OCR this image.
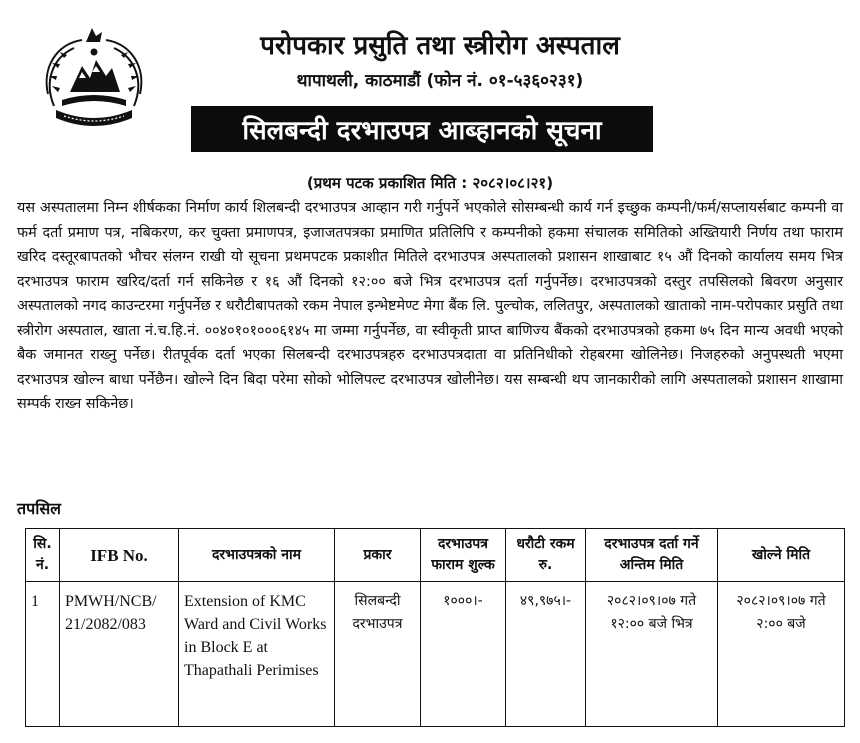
परोपकार प्रसुति तथा स्त्रीरोग अस्पताल
थापाथली, काठमाडौं (फोन नं. ०१-५३६०२३१)
सिलबन्दी दरभाउपत्र आब्हानको सूचना
(प्रथम पटक प्रकाशित मिति : २०८२।०८।२१)
यस अस्पतालमा निम्न शीर्षकका निर्माण कार्य शिलबन्दी दरभाउपत्र आव्हान गरी गर्नुपर्ने भएकोले सोसम्बन्धी कार्य गर्न इच्छुक कम्पनी/फर्म/सप्लायर्सबाट कम्पनी वा फर्म दर्ता प्रमाण पत्र, नबिकरण, कर चुक्ता प्रमाणपत्र, इजाजतपत्रका प्रमाणित प्रतिलिपि र कम्पनीको हकमा संचालक समितिको अख्तियारी निर्णय तथा फाराम खरिद दस्तूरबापतको भौचर संलग्न राखी यो सूचना प्रथमपटक प्रकाशीत मितिले दरभाउपत्र अस्पतालको प्रशासन शाखाबाट १५ औं दिनको कार्यालय समय भित्र दरभाउपत्र फाराम खरिद/दर्ता गर्न सकिनेछ र १६ औं दिनको १२:०० बजे भित्र दरभाउपत्र दर्ता गर्नुपर्नेछ। दरभाउपत्रको दस्तुर तपसिलको बिवरण अनुसार अस्पतालको नगद काउन्टरमा गर्नुपर्नेछ र धरौटीबापतको रकम नेपाल इन्भेष्टमेण्ट मेगा बैंक लि. पुल्चोक, ललितपुर, अस्पतालको खाताको नाम-परोपकार प्रसुति तथा स्त्रीरोग अस्पताल, खाता नं.च.हि.नं. ००४०१०१०००६१४५ मा जम्मा गर्नुपर्नेछ, वा स्वीकृती प्राप्त बाणिज्य बैंकको दरभाउपत्रको हकमा ७५ दिन मान्य अवधी भएको बैक जमानत राख्नु पर्नेछ। रीतपूर्वक दर्ता भएका सिलबन्दी दरभाउपत्रहरु दरभाउपत्रदाता वा प्रतिनिधीको रोहबरमा खोलिनेछ। निजहरुको अनुपस्थती भएमा दरभाउपत्र खोल्न बाधा पर्नेछैन। खोल्ने दिन बिदा परेमा सोको भोलिपल्ट दरभाउपत्र खोलीनेछ। यस सम्बन्धी थप जानकारीको लागि अस्पतालको प्रशासन शाखामा सम्पर्क राख्न सकिनेछ।
तपसिल
सि. नं.	IFB No.	दरभाउपत्रको नाम	प्रकार	दरभाउपत्र फाराम शुल्क	धरौटी रकम रु.	दरभाउपत्र दर्ता गर्ने अन्तिम मिति	खोल्ने मिति
1	PMWH/NCB/ 21/2082/083	Extension of KMC Ward and Civil Works in Block E at Thapathali Perimises	सिलबन्दी दरभाउपत्र	१०००।-	४९,९७५।-	२०८२।०९।०७ गते १२:०० बजे भित्र	२०८२।०९।०७ गते २:०० बजे
